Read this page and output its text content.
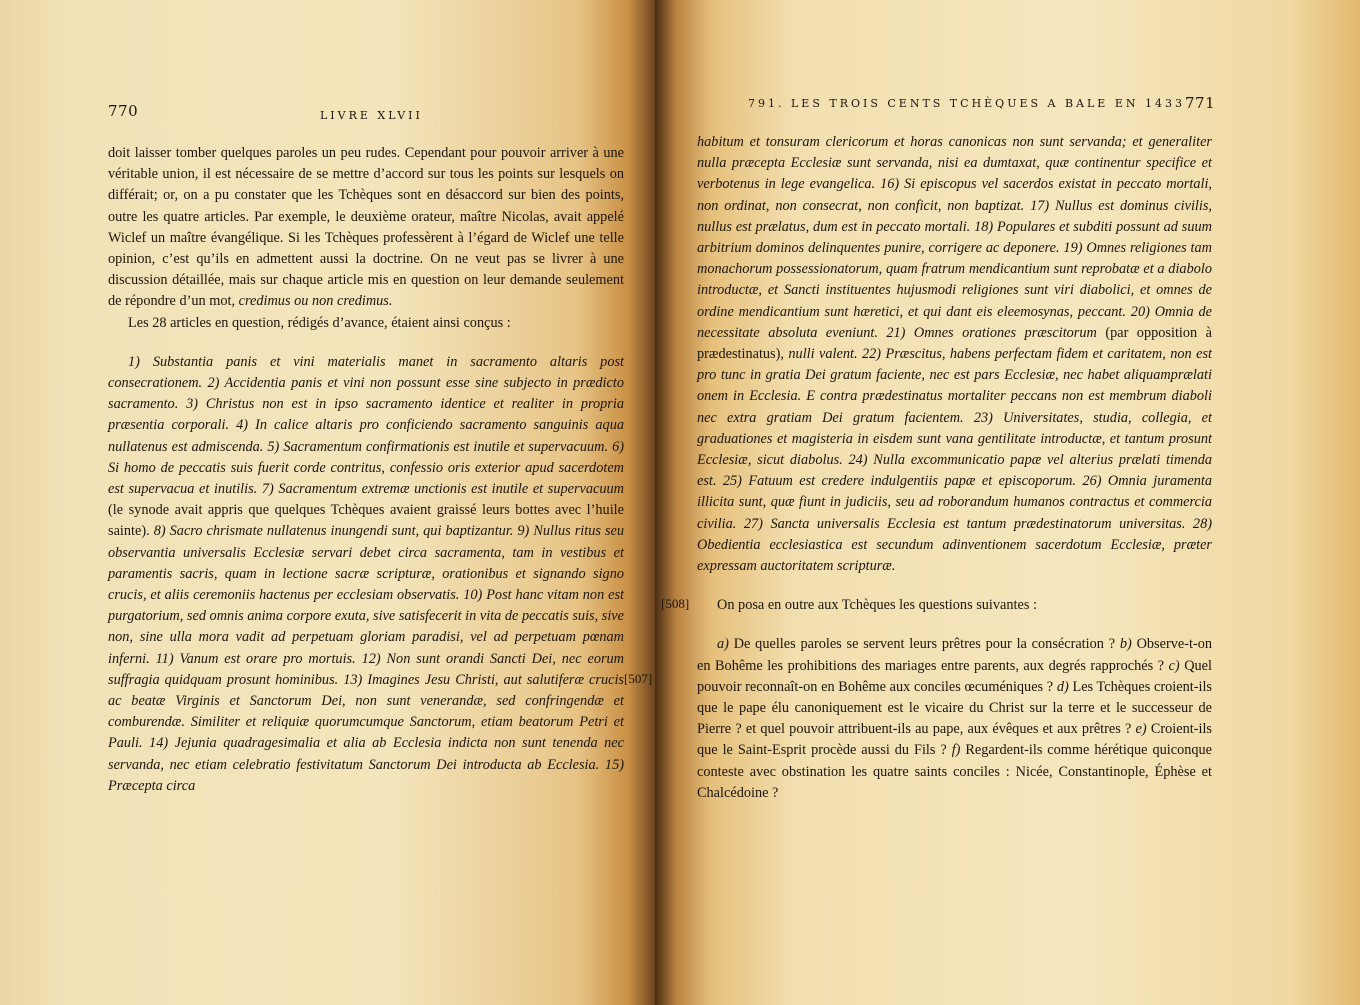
770	LIVRE XLVII

doit laisser tomber quelques paroles un peu rudes. Cependant pour pouvoir arriver à une véritable union, il est nécessaire de se mettre d’accord sur tous les points sur lesquels on différait; or, on a pu constater que les Tchèques sont en désaccord sur bien des points, outre les quatre articles. Par exemple, le deuxième orateur, maître Nicolas, avait appelé Wiclef un maître évangélique. Si les Tchèques professèrent à l’égard de Wiclef une telle opinion, c’est qu’ils en admettent aussi la doctrine. On ne veut pas se livrer à une discussion détaillée, mais sur chaque article mis en question on leur demande seulement de répondre d’un mot, credimus ou non credimus.

Les 28 articles en question, rédigés d’avance, étaient ainsi conçus :

1) Substantia panis et vini materialis manet in sacramento altaris post consecrationem. 2) Accidentia panis et vini non possunt esse sine subjecto in prædicto sacramento. 3) Christus non est in ipso sacramento identice et realiter in propria præsentia corporali. 4) In calice altaris pro conficiendo sacramento sanguinis aqua nullatenus est admiscenda. 5) Sacramentum confirmationis est inutile et supervacuum. 6) Si homo de peccatis suis fuerit corde contritus, confessio oris exterior apud sacerdotem est supervacua et inutilis. 7) Sacramentum extremæ unctionis est inutile et supervacuum (le synode avait appris que quelques Tchèques avaient graissé leurs bottes avec l’huile sainte). 8) Sacro chrismate nullatenus inungendi sunt, qui baptizantur. 9) Nullus ritus seu observantia universalis Ecclesiæ servari debet circa sacramenta, tam in vestibus et paramentis sacris, quam in lectione sacræ scripturæ, orationibus et signando signo crucis, et aliis ceremoniis hactenus per ecclesiam observatis. 10) Post hanc vitam non est purgatorium, sed omnis anima corpore exuta, sive satisfecerit in vita de peccatis suis, sive non, sine ulla mora vadit ad perpetuam gloriam paradisi, vel ad perpetuam pœnam inferni. 11) Vanum est orare pro mortuis. 12) Non sunt orandi Sancti Dei, nec eorum suffragia quidquam prosunt hominibus. 13) Imagines Jesu Christi, aut salutiferæ crucis ac beatæ Virginis et Sanctorum Dei, non sunt venerandæ, sed confringendæ et comburendæ. Similiter et reliquiæ quorumcumque Sanctorum, etiam beatorum Petri et Pauli. 14) Jejunia quadragesimalia et alia ab Ecclesia indicta non sunt tenenda nec servanda, nec etiam celebratio festivitatum Sanctorum Dei introducta ab Ecclesia. 15) Præcepta circa

[507]
791. LES TROIS CENTS TCHÈQUES A BALE EN 1433 771
[508]

habitum et tonsuram clericorum et horas canonicas non sunt servanda; et generaliter nulla præcepta Ecclesiæ sunt servanda, nisi ea dumtaxat, quæ continentur specifice et verbotenus in lege evangelica. 16) Si episcopus vel sacerdos existat in peccato mortali, non ordinat, non consecrat, non conficit, non baptizat. 17) Nullus est dominus civilis, nullus est prælatus, dum est in peccato mortali. 18) Populares et subditi possunt ad suum arbitrium dominos delinquentes punire, corrigere ac deponere. 19) Omnes religiones tam monachorum possessionatorum, quam fratrum mendicantium sunt reprobatæ et a diabolo introductæ, et Sancti instituentes hujusmodi religiones sunt viri diabolici, et omnes de ordine mendicantium sunt hæretici, et qui dant eis eleemosynas, peccant. 20) Omnia de necessitate absoluta eveniunt. 21) Omnes orationes præscitorum (par opposition à prædestinatus), nulli valent. 22) Præscitus, habens perfectam fidem et caritatem, non est pro tunc in gratia Dei gratum faciente, nec est pars Ecclesiæ, nec habet aliquamprælati onem in Ecclesia. E contra prædestinatus mortaliter peccans non est membrum diaboli nec extra gratiam Dei gratum facientem. 23) Universitates, studia, collegia, et graduationes et magisteria in eisdem sunt vana gentilitate introductæ, et tantum prosunt Ecclesiæ, sicut diabolus. 24) Nulla excommunicatio papæ vel alterius prælati timenda est. 25) Fatuum est credere indulgentiis papæ et episcoporum. 26) Omnia juramenta illicita sunt, quæ fiunt in judiciis, seu ad roborandum humanos contractus et commercia civilia. 27) Sancta universalis Ecclesia est tantum prædestinatorum universitas. 28) Obedientia ecclesiastica est secundum adinventionem sacerdotum Ecclesiæ, præter expressam auctoritatem scripturæ.

On posa en outre aux Tchèques les questions suivantes :

a) De quelles paroles se servent leurs prêtres pour la consécration ? b) Observe-t-on en Bohême les prohibitions des mariages entre parents, aux degrés rapprochés ? c) Quel pouvoir reconnaît-on en Bohême aux conciles œcuméniques ? d) Les Tchèques croient-ils que le pape élu canoniquement est le vicaire du Christ sur la terre et le successeur de Pierre ? et quel pouvoir attribuent-ils au pape, aux évêques et aux prêtres ? e) Croient-ils que le Saint-Esprit procède aussi du Fils ? f) Regardent-ils comme hérétique quiconque conteste avec obstination les quatre saints conciles : Nicée, Constantinople, Éphèse et Chalcédoine ?
